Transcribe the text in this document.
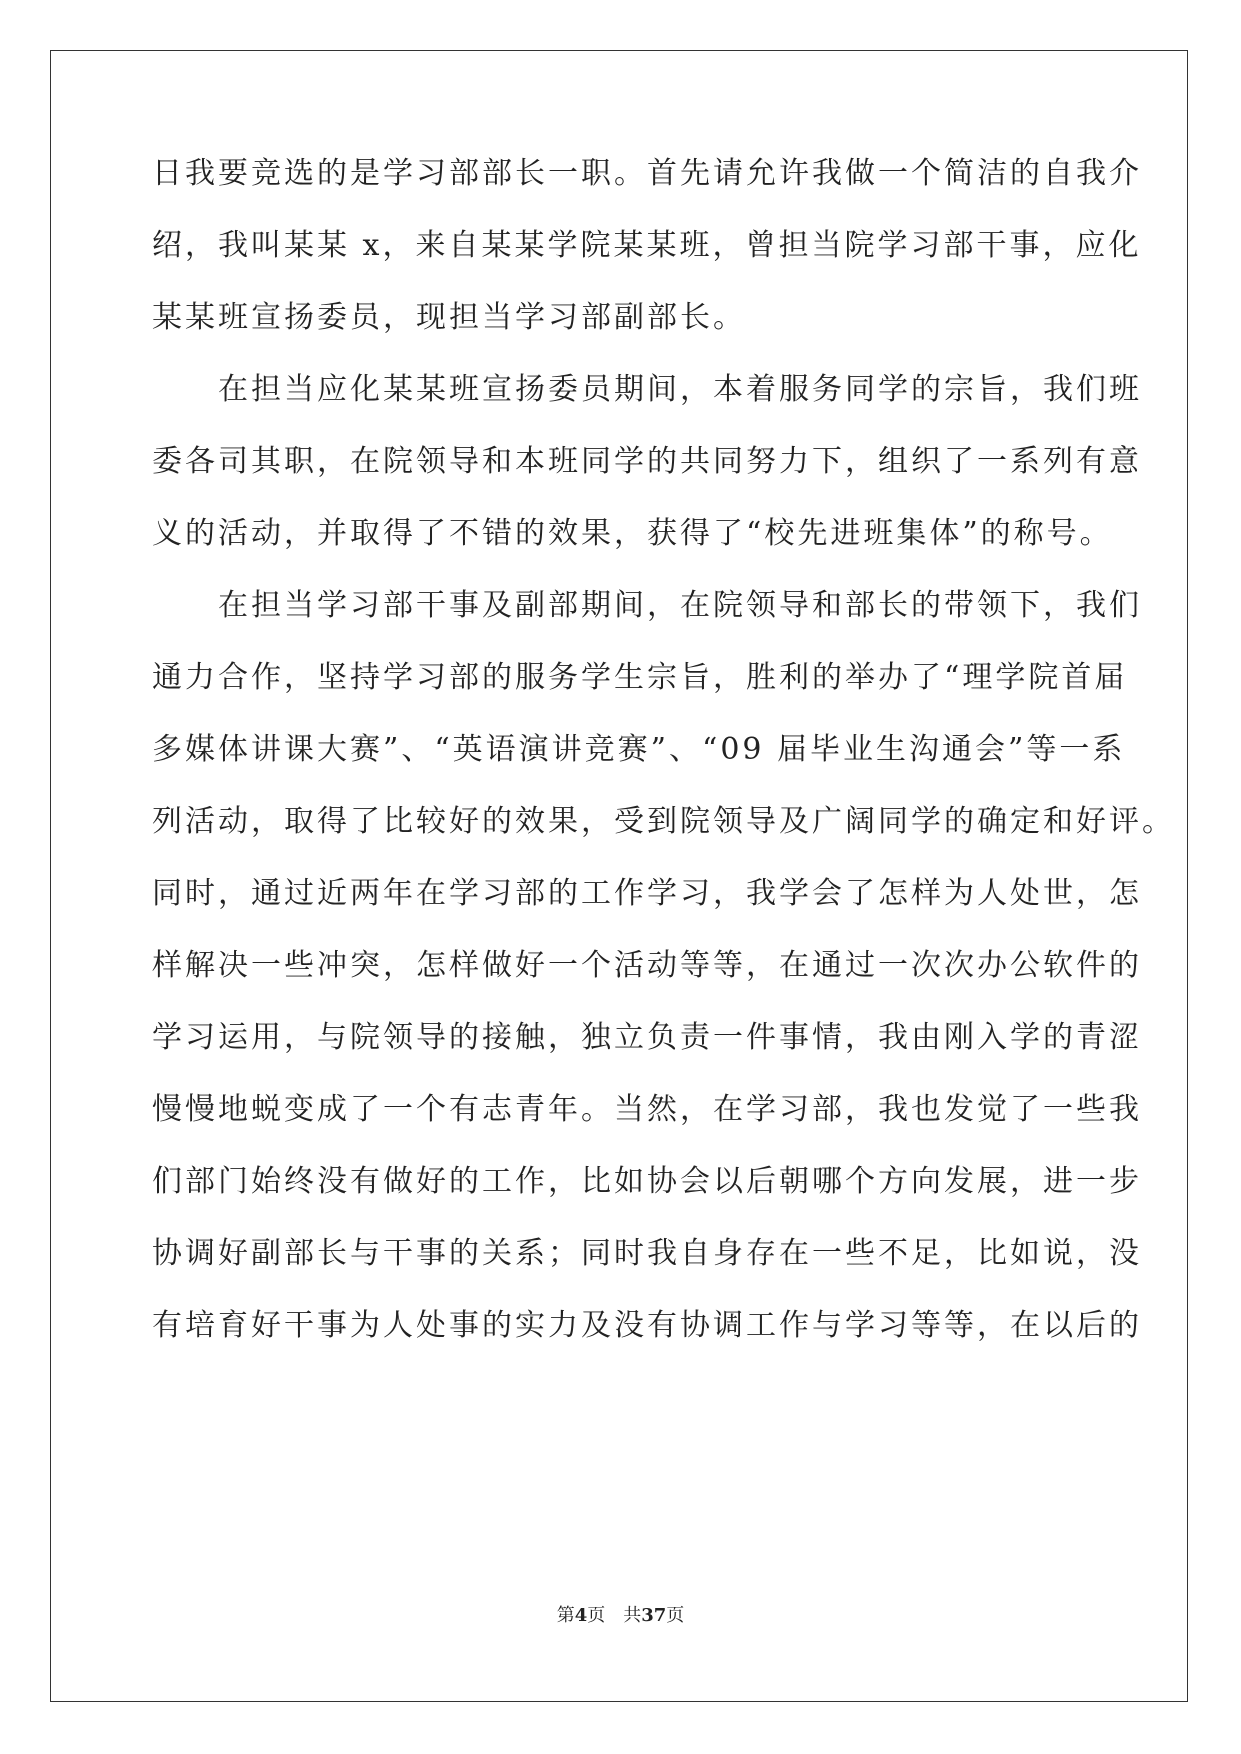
日我要竞选的是学习部部长一职。首先请允许我做一个简洁的自我介
绍，我叫某某 x，来自某某学院某某班，曾担当院学习部干事，应化
某某班宣扬委员，现担当学习部副部长。
　　在担当应化某某班宣扬委员期间，本着服务同学的宗旨，我们班
委各司其职，在院领导和本班同学的共同努力下，组织了一系列有意
义的活动，并取得了不错的效果，获得了“校先进班集体”的称号。
　　在担当学习部干事及副部期间，在院领导和部长的带领下，我们
通力合作，坚持学习部的服务学生宗旨，胜利的举办了“理学院首届
多媒体讲课大赛”、“英语演讲竞赛”、“09 届毕业生沟通会”等一系
列活动，取得了比较好的效果，受到院领导及广阔同学的确定和好评。
同时，通过近两年在学习部的工作学习，我学会了怎样为人处世，怎
样解决一些冲突，怎样做好一个活动等等，在通过一次次办公软件的
学习运用，与院领导的接触，独立负责一件事情，我由刚入学的青涩
慢慢地蜕变成了一个有志青年。当然，在学习部，我也发觉了一些我
们部门始终没有做好的工作，比如协会以后朝哪个方向发展，进一步
协调好副部长与干事的关系；同时我自身存在一些不足，比如说，没
有培育好干事为人处事的实力及没有协调工作与学习等等，在以后的
第4页 共37页
